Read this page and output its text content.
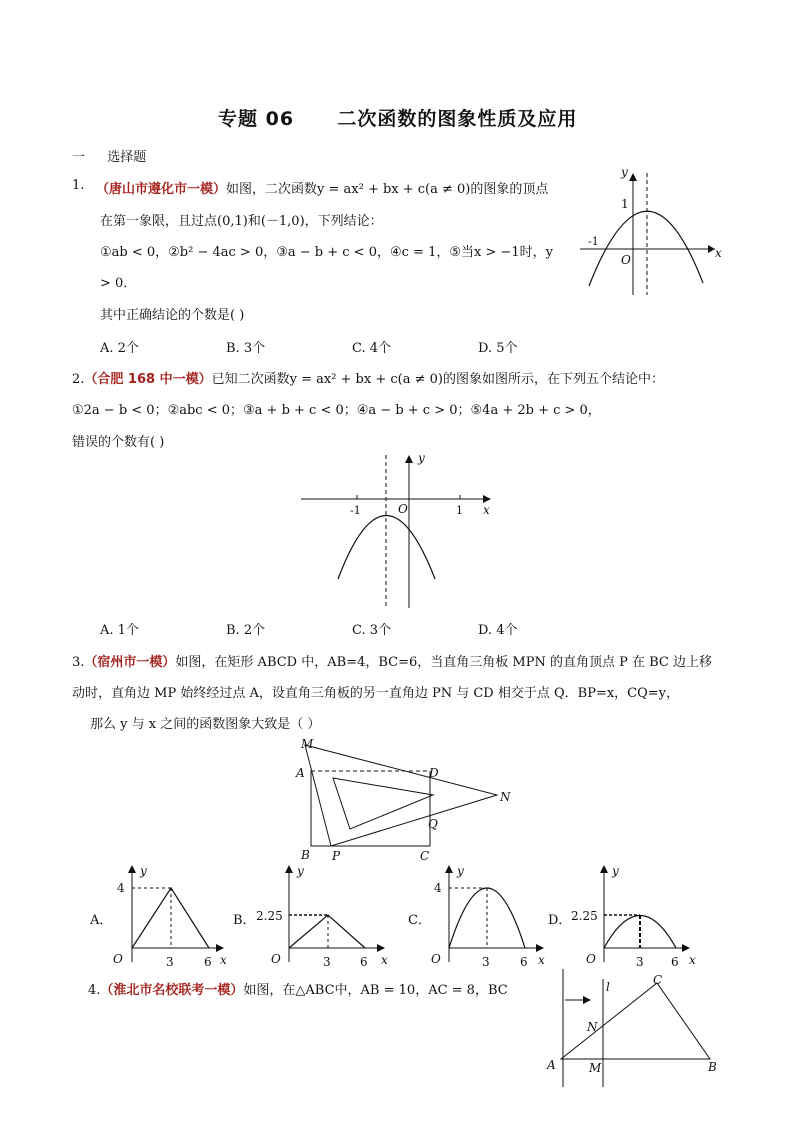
专题 06 二次函数的图象性质及应用
一 选择题
1. （唐山市遵化市一模）如图，二次函数y = ax² + bx + c(a ≠ 0)的图象的顶点
在第一象限，且过点(0,1)和(－1,0)，下列结论：
①ab < 0，②b² − 4ac > 0，③a − b + c < 0，④c = 1，⑤当x > −1时，y
> 0．
其中正确结论的个数是( )
A. 2个	B. 3个	C. 4个	D. 5个
y
x
1
-1
O
2.（合肥 168 中一模）已知二次函数y = ax² + bx + c(a ≠ 0)的图象如图所示，在下列五个结论中：
①2a − b < 0；②abc < 0；③a + b + c < 0；④a − b + c > 0；⑤4a + 2b + c > 0，
错误的个数有( )
y
x
-1	O	1
A. 1个	B. 2个	C. 3个	D. 4个
3.（宿州市一模）如图，在矩形 ABCD 中，AB=4，BC=6，当直角三角板 MPN 的直角顶点 P 在 BC 边上移
动时，直角边 MP 始终经过点 A，设直角三角板的另一直角边 PN 与 CD 相交于点 Q．BP=x，CQ=y，
那么 y 与 x 之间的函数图象大致是（ ）
M
A	D
N
Q
B P	C
A．
y
x
4
O	3	6
B．
y
x
2.25
O	3 6
C．
y
x
4
O	3	6
D．
y
x
2.25
O	3 6
4.（淮北市名校联考一模）如图，在△ABC中，AB = 10，AC = 8，BC	l	C
N
A	M	B
